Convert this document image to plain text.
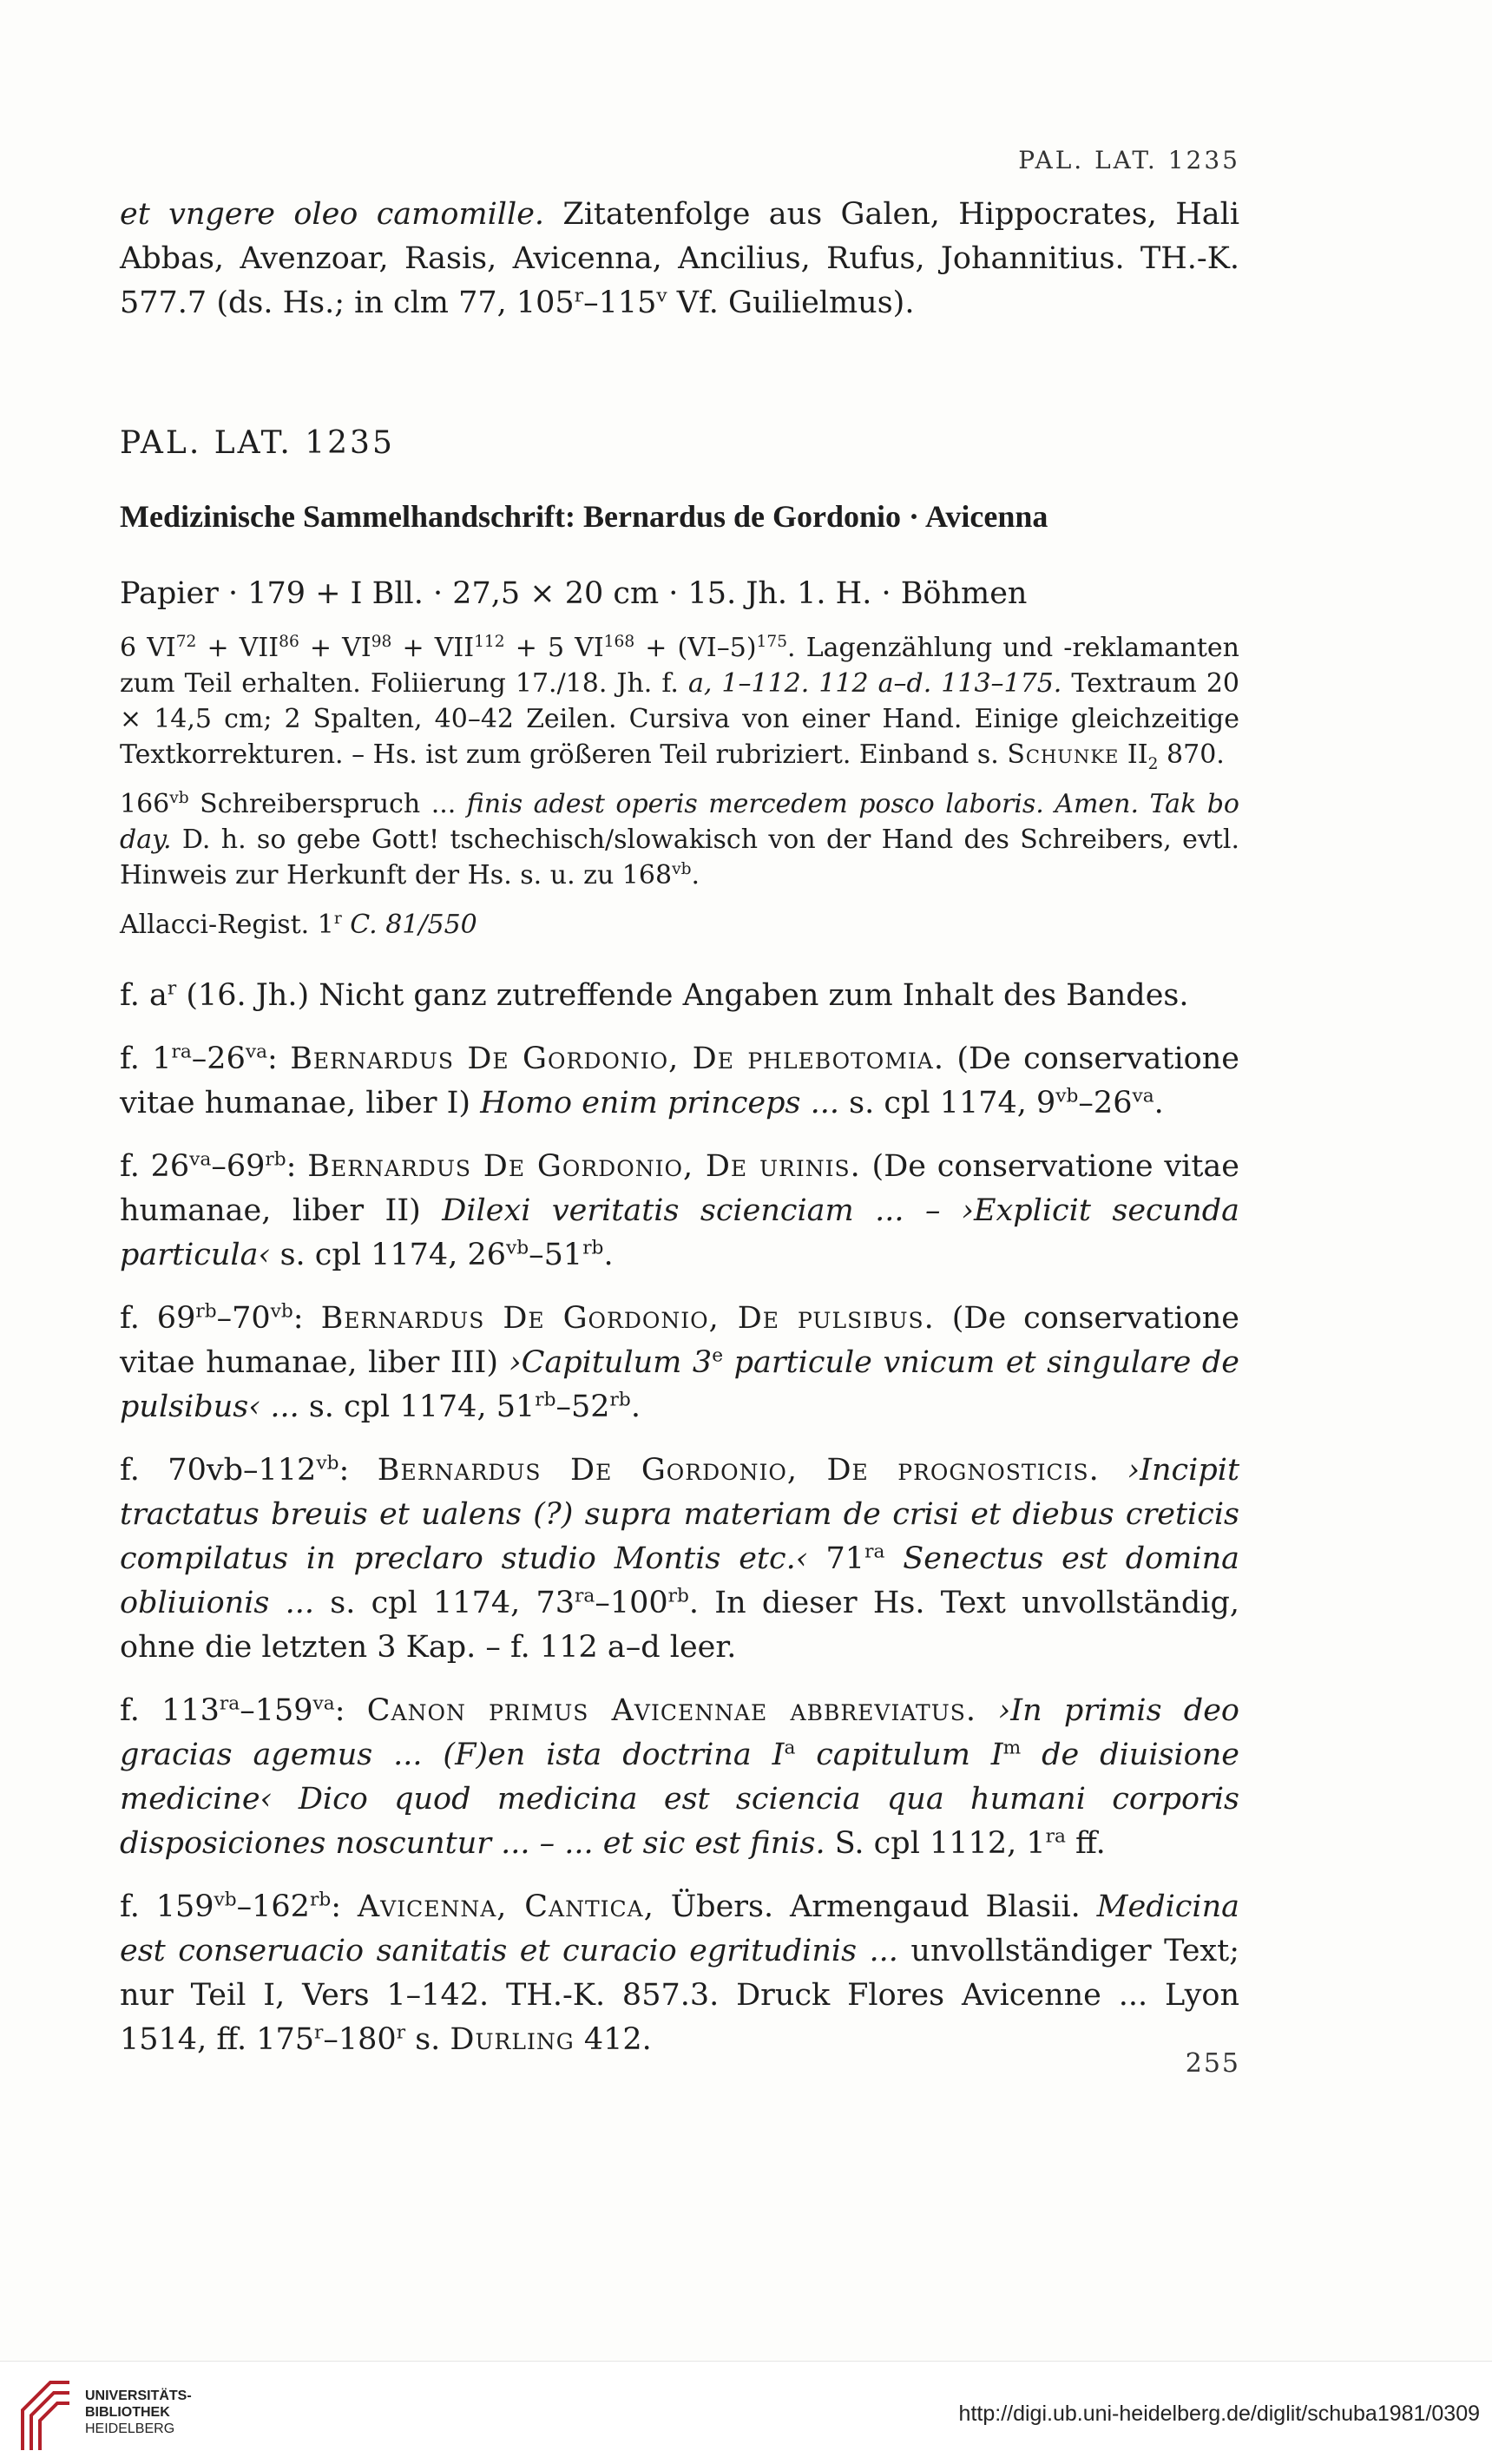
PAL. LAT. 1235

et vngere oleo camomille. Zitatenfolge aus Galen, Hippocrates, Hali Abbas, Avenzoar, Rasis, Avicenna, Ancilius, Rufus, Johannitius. TH.-K. 577.7 (ds. Hs.; in clm 77, 105$^r$–115$^v$ Vf. Guilielmus).

PAL. LAT. 1235
Medizinische Sammelhandschrift: Bernardus de Gordonio · Avicenna
Papier · 179 + I Bll. · 27,5 × 20 cm · 15. Jh. 1. H. · Böhmen

6 $VI^{72} + VII^{86} + VI^{98} + VII^{112} + 5$ $VI^{168} + (VI-5)^{175}$. Lagenzählung und -reklamanten zum Teil erhalten. Foliierung 17./18. Jh. f. a, 1–112. 112 a–d. 113–175. Textraum 20 × 14,5 cm; 2 Spalten, 40–42 Zeilen. Cursiva von einer Hand. Einige gleichzeitige Textkorrekturen. – Hs. ist zum größeren Teil rubriziert. Einband s. Schunke $II_2$ 870.

$166^{vb}$ Schreiberspruch ... finis adest operis mercedem posco laboris. Amen. Tak bo day. D. h. so gebe Gott! tschechisch/slowakisch von der Hand des Schreibers, evtl. Hinweis zur Herkunft der Hs. s. u. zu $168^{vb}$.

Allacci-Regist. 1$^r$ C. 81/550

f. $a^r$ (16. Jh.) Nicht ganz zutreffende Angaben zum Inhalt des Bandes.

f. $1^{ra}-26^{va}$: Bernardus De Gordonio, De phlebotomia. (De conservatione vitae humanae, liber I) Homo enim princeps ... s. cpl 1174, $9^{vb}-26^{va}$.

f. $26^{va}-69^{rb}$: Bernardus De Gordonio, De urinis. (De conservatione vitae humanae, liber II) Dilexi veritatis scienciam ... – ›Explicit secunda particula‹ s. cpl 1174, $26^{vb}-51^{rb}$.

f. $69^{rb}-70^{vb}$: Bernardus De Gordonio, De pulsibus. (De conservatione vitae humanae, liber III) ›Capitulum 3e particule vnicum et singulare de pulsibus‹ ... s. cpl 1174, $51^{rb}-52^{rb}$.

f. $70vb-112^{vb}$: Bernardus De Gordonio, De prognosticis. ›Incipit tractatus breuis et ualens (?) supra materiam de crisi et diebus creticis compilatus in preclaro studio Montis etc.‹ $71^{ra}$ Senectus est domina obliuionis ... s. cpl 1174, $73^{ra}-100^{rb}$. In dieser Hs. Text unvollständig, ohne die letzten 3 Kap. – f. 112 a–d leer.

f. $113^{ra}-159^{va}$: Canon primus Avicennae abbreviatus. ›In primis deo gracias agemus ... (F)en ista doctrina $I^a$ capitulum $I^m$ de diuisione medicine‹ Dico quod medicina est sciencia qua humani corporis disposiciones noscuntur ... – ... et sic est finis. S. cpl 1112, $1^{ra}$ ff.

f. $159^{vb}-162^{rb}$: Avicenna, Cantica, Übers. Armengaud Blasii. Medicina est conseruacio sanitatis et curacio egritudinis ... unvollständiger Text; nur Teil I, Vers 1–142. TH.-K. 857.3. Druck Flores Avicenne ... Lyon 1514, ff. 175$^r$–180$^r$ s. Durling 412.

255
UNIVERSITÄTS-
BIBLIOTHEK
HEIDELBERG
http://digi.ub.uni-heidelberg.de/diglit/schuba1981/0309
